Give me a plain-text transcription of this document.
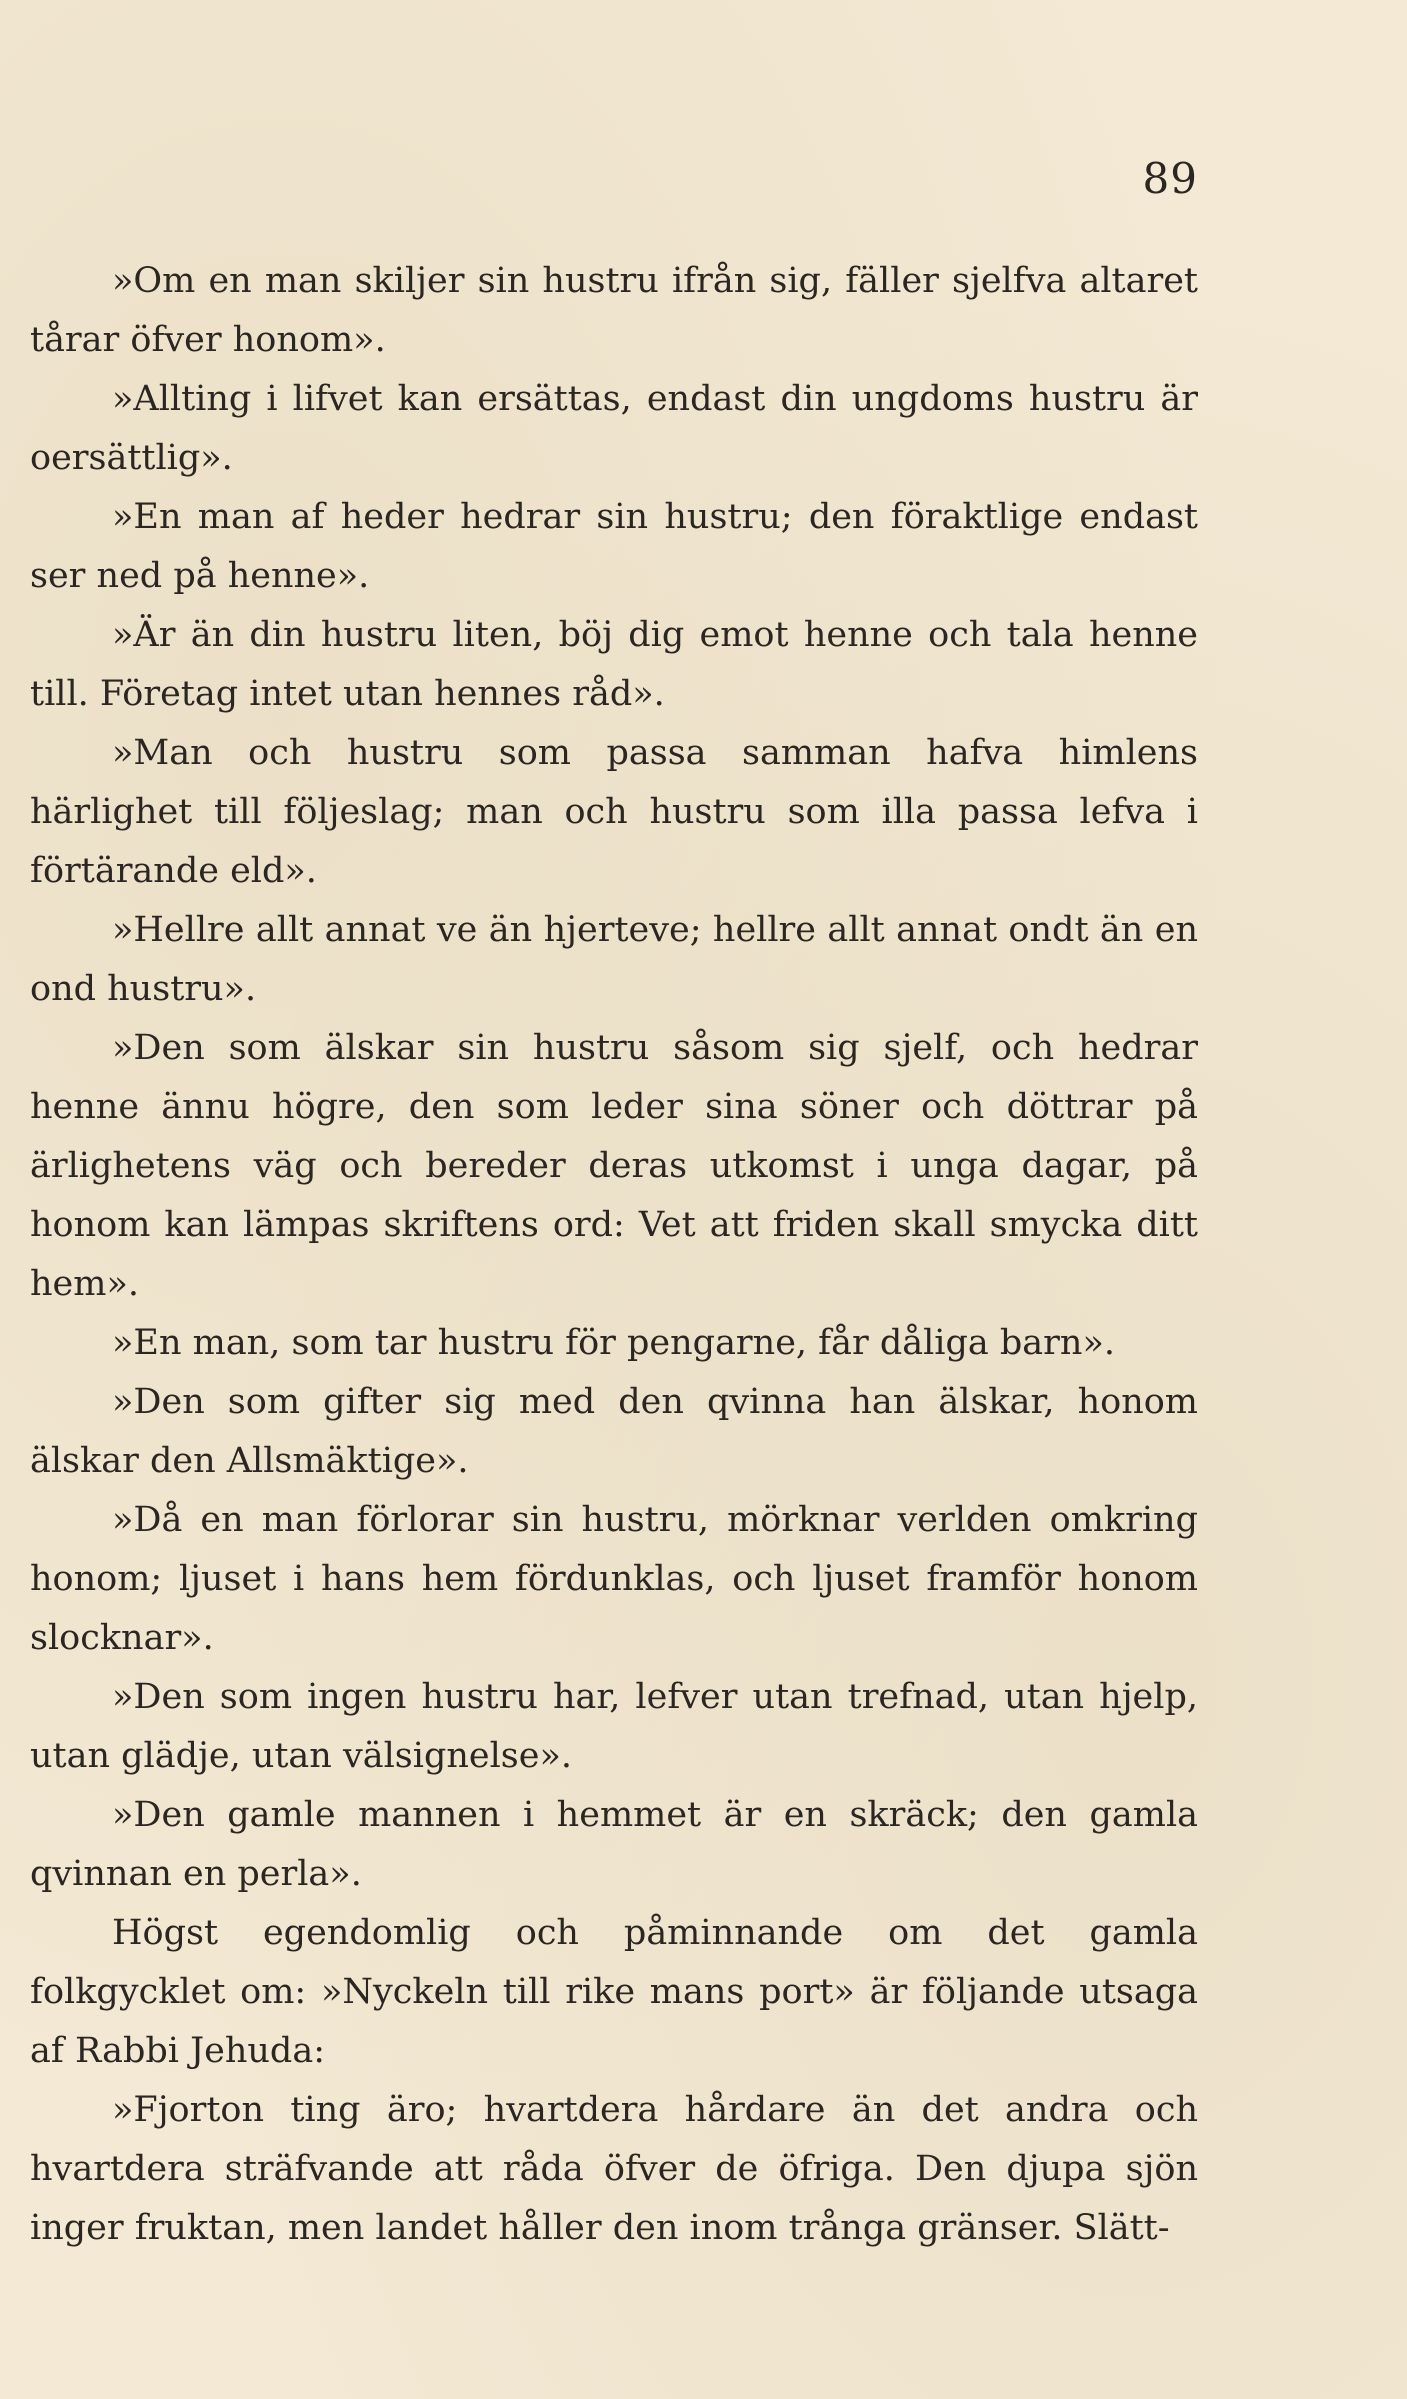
89

»Om en man skiljer sin hustru ifrån sig, fäller sjelfva altaret tårar öfver honom».

»Allting i lifvet kan ersättas, endast din ungdoms hustru är oersättlig».

»En man af heder hedrar sin hustru; den föraktlige endast ser ned på henne».

»Är än din hustru liten, böj dig emot henne och tala henne till. Företag intet utan hennes råd».

»Man och hustru som passa samman hafva himlens härlighet till följeslag; man och hustru som illa passa lefva i förtärande eld».

»Hellre allt annat ve än hjerteve; hellre allt annat ondt än en ond hustru».

»Den som älskar sin hustru såsom sig sjelf, och hedrar henne ännu högre, den som leder sina söner och döttrar på ärlighetens väg och bereder deras utkomst i unga dagar, på honom kan lämpas skriftens ord: Vet att friden skall smycka ditt hem».

»En man, som tar hustru för pengarne, får dåliga barn».

»Den som gifter sig med den qvinna han älskar, honom älskar den Allsmäktige».

»Då en man förlorar sin hustru, mörknar verlden omkring honom; ljuset i hans hem fördunklas, och ljuset framför honom slocknar».

»Den som ingen hustru har, lefver utan trefnad, utan hjelp, utan glädje, utan välsignelse».

»Den gamle mannen i hemmet är en skräck; den gamla qvinnan en perla».

Högst egendomlig och påminnande om det gamla folkgycklet om: »Nyckeln till rike mans port» är följande utsaga af Rabbi Jehuda:

»Fjorton ting äro; hvartdera hårdare än det andra och hvartdera sträfvande att råda öfver de öfriga. Den djupa sjön inger fruktan, men landet håller den inom trånga gränser. Slätt-
